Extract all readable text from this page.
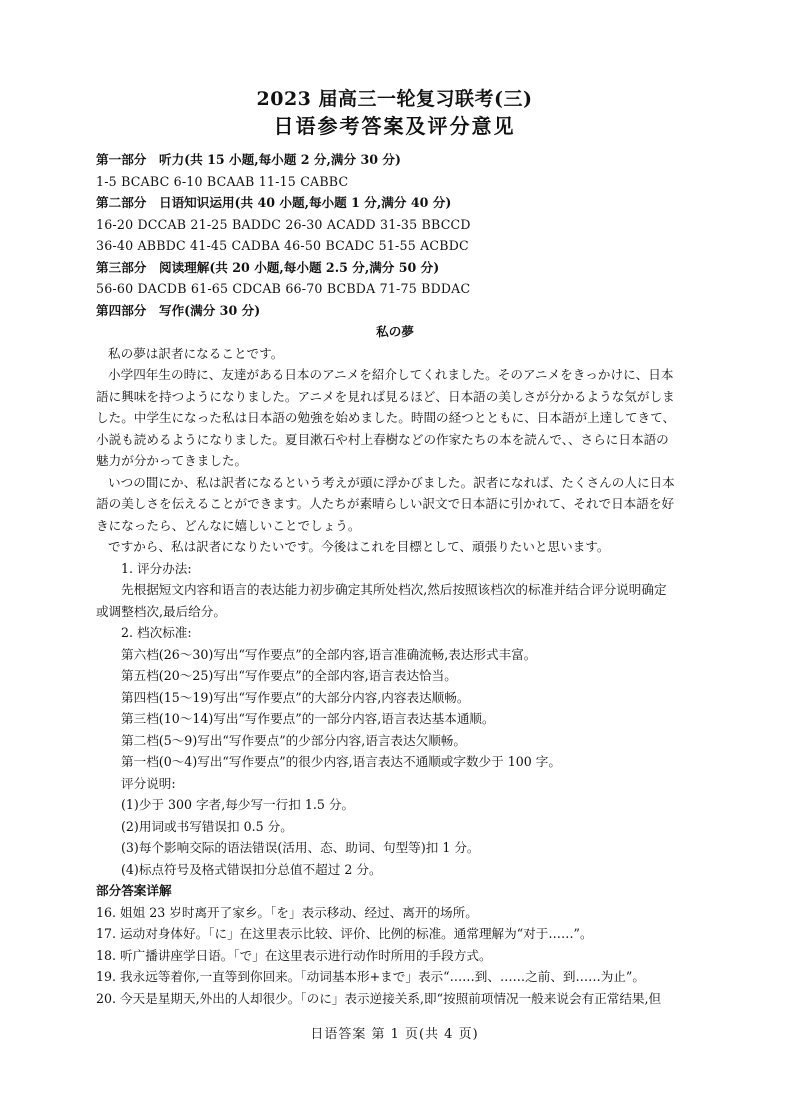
2023 届高三一轮复习联考(三)
日语参考答案及评分意见
第一部分　听力(共 15 小题,每小题 2 分,满分 30 分)
1-5 BCABC 6-10 BCAAB 11-15 CABBC
第二部分　日语知识运用(共 40 小题,每小题 1 分,满分 40 分)
16-20 DCCAB 21-25 BADDC 26-30 ACADD 31-35 BBCCD
36-40 ABBDC 41-45 CADBA 46-50 BCADC 51-55 ACBDC
第三部分　阅读理解(共 20 小题,每小题 2.5 分,满分 50 分)
56-60 DACDB 61-65 CDCAB 66-70 BCBDA 71-75 BDDAC
第四部分　写作(满分 30 分)
私の夢
私の夢は訳者になることです。
小学四年生の時に、友達がある日本のアニメを紹介してくれました。そのアニメをきっかけに、日本
語に興味を持つようになりました。アニメを見れば見るほど、日本語の美しさが分かるような気がしま
した。中学生になった私は日本語の勉強を始めました。時間の経つとともに、日本語が上達してきて、
小説も読めるようになりました。夏目漱石や村上春樹などの作家たちの本を読んで、、さらに日本語の
魅力が分かってきました。
いつの間にか、私は訳者になるという考えが頭に浮かびました。訳者になれば、たくさんの人に日本
語の美しさを伝えることができます。人たちが素晴らしい訳文で日本語に引かれて、それで日本語を好
きになったら、どんなに嬉しいことでしょう。
ですから、私は訳者になりたいです。今後はこれを目標として、頑張りたいと思います。
1. 评分办法:
先根据短文内容和语言的表达能力初步确定其所处档次,然后按照该档次的标准并结合评分说明确定
或调整档次,最后给分。
2. 档次标准:
第六档(26～30)写出“写作要点”的全部内容,语言准确流畅,表达形式丰富。
第五档(20～25)写出“写作要点”的全部内容,语言表达恰当。
第四档(15～19)写出“写作要点”的大部分内容,内容表达顺畅。
第三档(10～14)写出“写作要点”的一部分内容,语言表达基本通顺。
第二档(5～9)写出“写作要点”的少部分内容,语言表达欠顺畅。
第一档(0～4)写出“写作要点”的很少内容,语言表达不通顺或字数少于 100 字。
评分说明:
(1)少于 300 字者,每少写一行扣 1.5 分。
(2)用词或书写错误扣 0.5 分。
(3)每个影响交际的语法错误(活用、态、助词、句型等)扣 1 分。
(4)标点符号及格式错误扣分总值不超过 2 分。
部分答案详解
16. 姐姐 23 岁时离开了家乡。「を」表示移动、经过、离开的场所。
17. 运动对身体好。「に」在这里表示比较、评价、比例的标准。通常理解为“对于……”。
18. 听广播讲座学日语。「で」在这里表示进行动作时所用的手段方式。
19. 我永远等着你,一直等到你回来。「动词基本形+まで」表示“……到、……之前、到……为止”。
20. 今天是星期天,外出的人却很少。「のに」表示逆接关系,即“按照前项情况一般来说会有正常结果,但
日语答案 第 1 页(共 4 页)
